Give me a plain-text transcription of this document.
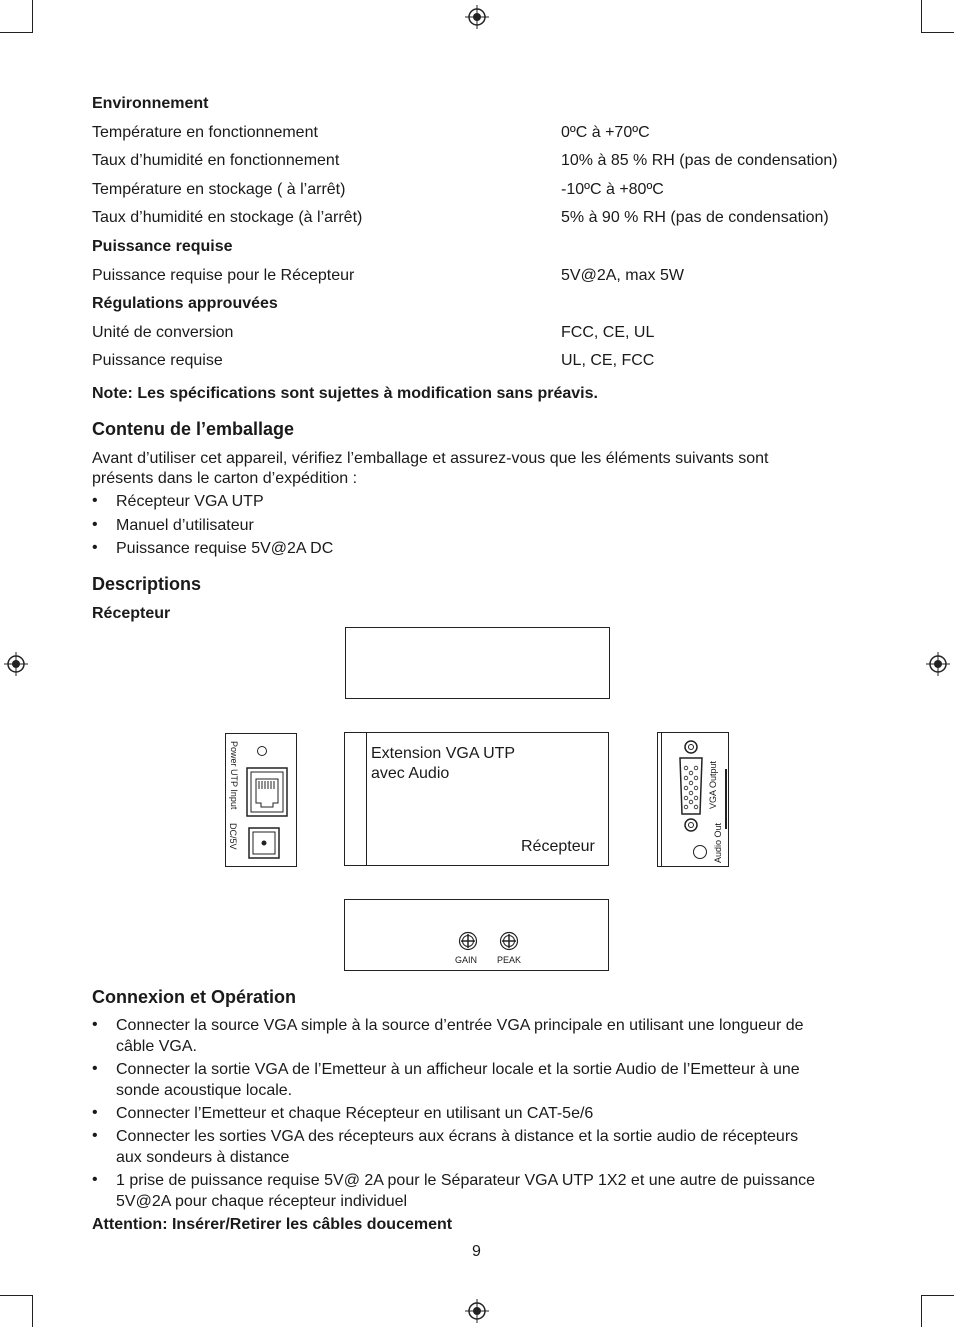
Environnement
Température en fonctionnement	0ºC à +70ºC
Taux d’humidité en fonctionnement	10% à 85 % RH (pas de condensation)
Température en stockage ( à l’arrêt)	-10ºC à +80ºC
Taux d’humidité en stockage (à l’arrêt)	5% à 90 % RH (pas de condensation)
Puissance requise
Puissance requise pour le Récepteur	5V@2A, max 5W
Régulations approuvées
Unité de conversion	FCC, CE, UL
Puissance requise	UL, CE, FCC
Note: Les spécifications sont sujettes à modification sans préavis.
Contenu de l’emballage
Avant d’utiliser cet appareil, vérifiez l’emballage et assurez-vous que les éléments suivants sont
présents dans le carton d’expédition :
• Récepteur VGA UTP
• Manuel d’utilisateur
• Puissance requise 5V@2A DC
Descriptions
Récepteur
Power UTP Input
DC/5V
Extension VGA UTP
avec Audio
Récepteur
VGA Output
Audio Out
GAIN PEAK
Connexion et Opération
• Connecter la source VGA simple à la source d’entrée VGA principale en utilisant une longueur de
câble VGA.
• Connecter la sortie VGA de l’Emetteur à un afficheur locale et la sortie Audio de l’Emetteur à une
sonde acoustique locale.
• Connecter l’Emetteur et chaque Récepteur en utilisant un CAT-5e/6
• Connecter les sorties VGA des récepteurs aux écrans à distance et la sortie audio de récepteurs
aux sondeurs à distance
• 1 prise de puissance requise 5V@ 2A pour le Séparateur VGA UTP 1X2 et une autre de puissance
5V@2A pour chaque récepteur individuel
Attention: Insérer/Retirer les câbles doucement
9
